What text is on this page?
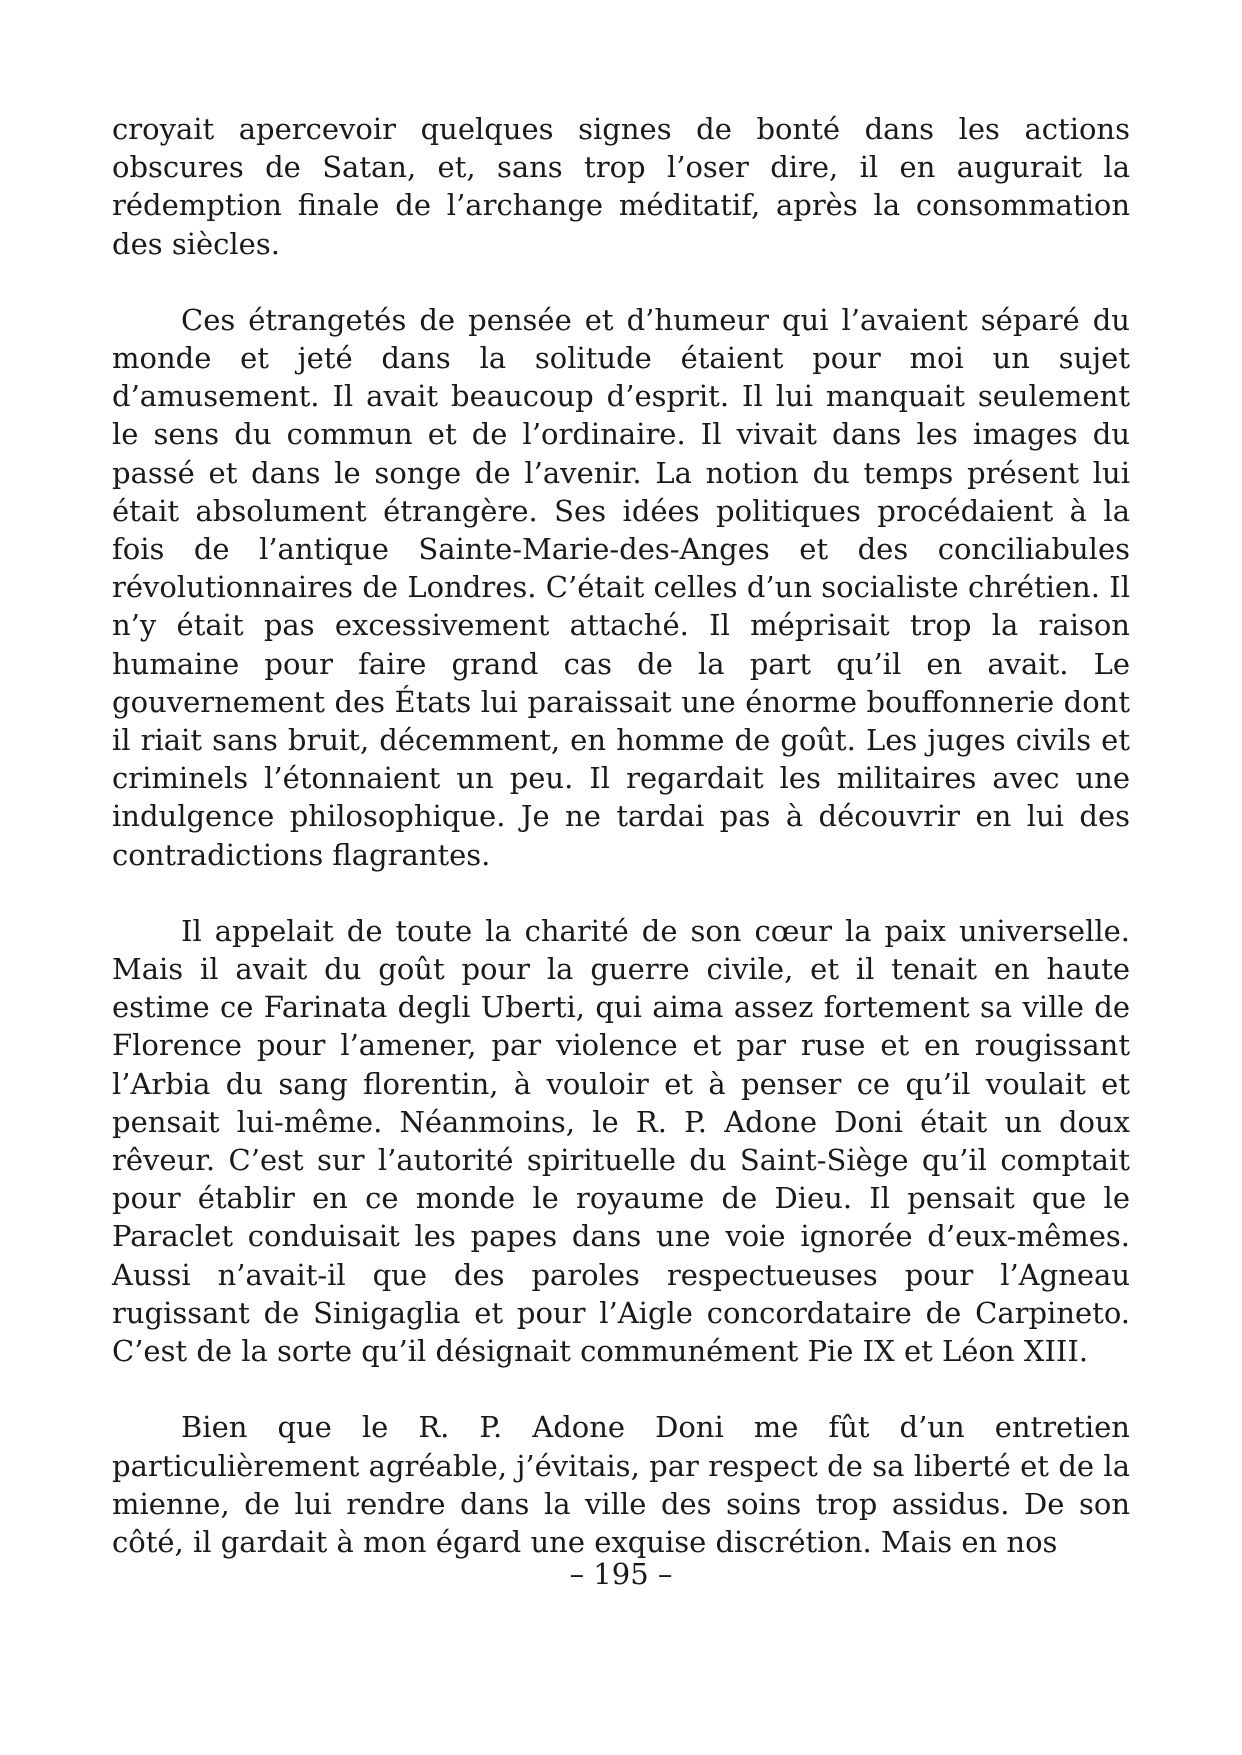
croyait apercevoir quelques signes de bonté dans les actions obscures de Satan, et, sans trop l’oser dire, il en augurait la rédemption finale de l’archange méditatif, après la consommation des siècles.

Ces étrangetés de pensée et d’humeur qui l’avaient séparé du monde et jeté dans la solitude étaient pour moi un sujet d’amusement. Il avait beaucoup d’esprit. Il lui manquait seulement le sens du commun et de l’ordinaire. Il vivait dans les images du passé et dans le songe de l’avenir. La notion du temps présent lui était absolument étrangère. Ses idées politiques procédaient à la fois de l’antique Sainte-Marie-des-Anges et des conciliabules révolutionnaires de Londres. C’était celles d’un socialiste chrétien. Il n’y était pas excessivement attaché. Il méprisait trop la raison humaine pour faire grand cas de la part qu’il en avait. Le gouvernement des États lui paraissait une énorme bouffonnerie dont il riait sans bruit, décemment, en homme de goût. Les juges civils et criminels l’étonnaient un peu. Il regardait les militaires avec une indulgence philosophique. Je ne tardai pas à découvrir en lui des contradictions flagrantes.

Il appelait de toute la charité de son cœur la paix universelle. Mais il avait du goût pour la guerre civile, et il tenait en haute estime ce Farinata degli Uberti, qui aima assez fortement sa ville de Florence pour l’amener, par violence et par ruse et en rougissant l’Arbia du sang florentin, à vouloir et à penser ce qu’il voulait et pensait lui-même. Néanmoins, le R. P. Adone Doni était un doux rêveur. C’est sur l’autorité spirituelle du Saint-Siège qu’il comptait pour établir en ce monde le royaume de Dieu. Il pensait que le Paraclet conduisait les papes dans une voie ignorée d’eux-mêmes. Aussi n’avait-il que des paroles respectueuses pour l’Agneau rugissant de Sinigaglia et pour l’Aigle concordataire de Carpineto. C’est de la sorte qu’il désignait communément Pie IX et Léon XIII.

Bien que le R. P. Adone Doni me fût d’un entretien particulièrement agréable, j’évitais, par respect de sa liberté et de la mienne, de lui rendre dans la ville des soins trop assidus. De son côté, il gardait à mon égard une exquise discrétion. Mais en nos

– 195 –
